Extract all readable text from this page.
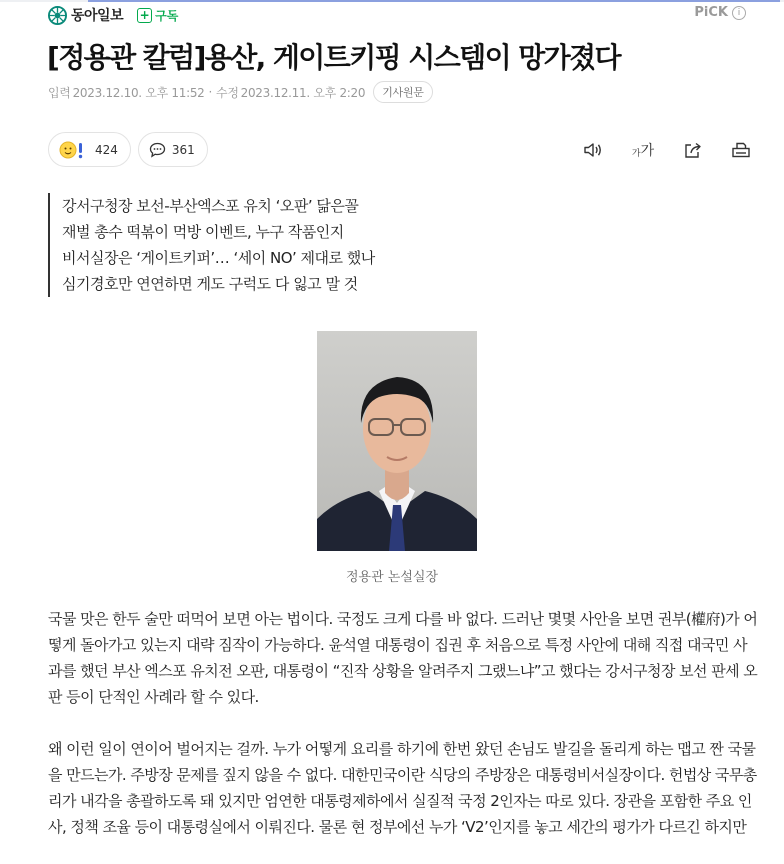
동아일보 + 구독	PiCK	i
[정용관 칼럼]용산, 게이트키핑 시스템이 망가졌다
입력 2023.12.10. 오후 11:52 · 수정 2023.12.11. 오후 2:20	기사원문
424	361	가 가

강서구청장 보선-부산엑스포 유치 ‘오판’ 닮은꼴

재벌 총수 떡볶이 먹방 이벤트, 누구 작품인지

비서실장은 ‘게이트키퍼’… ‘세이 NO’ 제대로 했나

심기경호만 연연하면 게도 구럭도 다 잃고 말 것

정용관 논설실장

국물 맛은 한두 술만 떠먹어 보면 아는 법이다. 국정도 크게 다를 바 없다. 드러난 몇몇 사안을 보면 권부(權府)가 어떻게 돌아가고 있는지 대략 짐작이 가능하다. 윤석열 대통령이 집권 후 처음으로 특정 사안에 대해 직접 대국민 사과를 했던 부산 엑스포 유치전 오판, 대통령이 “진작 상황을 알려주지 그랬느냐”고 했다는 강서구청장 보선 판세 오판 등이 단적인 사례라 할 수 있다.

왜 이런 일이 연이어 벌어지는 걸까. 누가 어떻게 요리를 하기에 한번 왔던 손님도 발길을 돌리게 하는 맵고 짠 국물을 만드는가. 주방장 문제를 짚지 않을 수 없다. 대한민국이란 식당의 주방장은 대통령비서실장이다. 헌법상 국무총리가 내각을 총괄하도록 돼 있지만 엄연한 대통령제하에서 실질적 국정 2인자는 따로 있다. 장관을 포함한 주요 인사, 정책 조율 등이 대통령실에서 이뤄진다. 물론 현 정부에선 누가 ‘V2’인지를 놓고 세간의 평가가 다르긴 하지만
